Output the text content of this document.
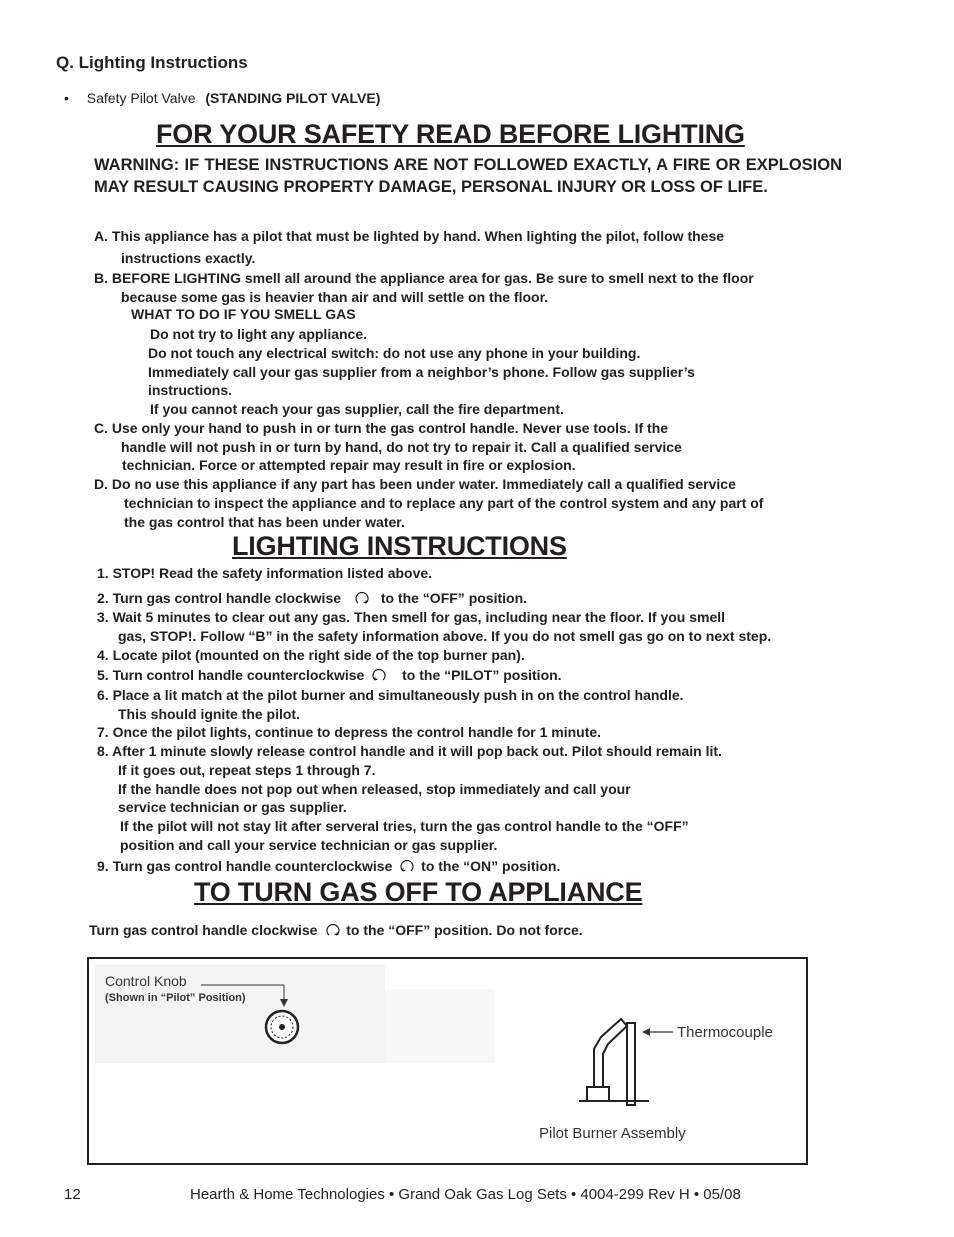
Q. Lighting Instructions
• Safety Pilot Valve (STANDING PILOT VALVE)
FOR YOUR SAFETY READ BEFORE LIGHTING
WARNING: IF THESE INSTRUCTIONS ARE NOT FOLLOWED EXACTLY, A FIRE OR EXPLOSION MAY RESULT CAUSING PROPERTY DAMAGE, PERSONAL INJURY OR LOSS OF LIFE.
A. This appliance has a pilot that must be lighted by hand. When lighting the pilot, follow these
instructions exactly.
B. BEFORE LIGHTING smell all around the appliance area for gas. Be sure to smell next to the floor
because some gas is heavier than air and will settle on the floor.
WHAT TO DO IF YOU SMELL GAS
Do not try to light any appliance.
Do not touch any electrical switch: do not use any phone in your building.
Immediately call your gas supplier from a neighbor’s phone. Follow gas supplier’s
instructions.
If you cannot reach your gas supplier, call the fire department.
C. Use only your hand to push in or turn the gas control handle. Never use tools. If the
handle will not push in or turn by hand, do not try to repair it. Call a qualified service
technician. Force or attempted repair may result in fire or explosion.
D. Do no use this appliance if any part has been under water. Immediately call a qualified service
technician to inspect the appliance and to replace any part of the control system and any part of
the gas control that has been under water.
LIGHTING INSTRUCTIONS
1. STOP! Read the safety information listed above.
2. Turn gas control handle clockwise	to the “OFF” position.
3. Wait 5 minutes to clear out any gas. Then smell for gas, including near the floor. If you smell
gas, STOP!. Follow “B” in the safety information above. If you do not smell gas go on to next step.
4. Locate pilot (mounted on the right side of the top burner pan).
5. Turn control handle counterclockwise	to the “PILOT” position.
6. Place a lit match at the pilot burner and simultaneously push in on the control handle.
This should ignite the pilot.
7. Once the pilot lights, continue to depress the control handle for 1 minute.
8. After 1 minute slowly release control handle and it will pop back out. Pilot should remain lit.
If it goes out, repeat steps 1 through 7.
If the handle does not pop out when released, stop immediately and call your
service technician or gas supplier.
If the pilot will not stay lit after serveral tries, turn the gas control handle to the “OFF”
position and call your service technician or gas supplier.
9. Turn gas control handle counterclockwise to the “ON” position.
TO TURN GAS OFF TO APPLIANCE
Turn gas control handle clockwise to the “OFF” position. Do not force.
Control Knob
(Shown in “Pilot” Position)
Thermocouple
Pilot Burner Assembly
12	Hearth & Home Technologies • Grand Oak Gas Log Sets • 4004-299 Rev H • 05/08
